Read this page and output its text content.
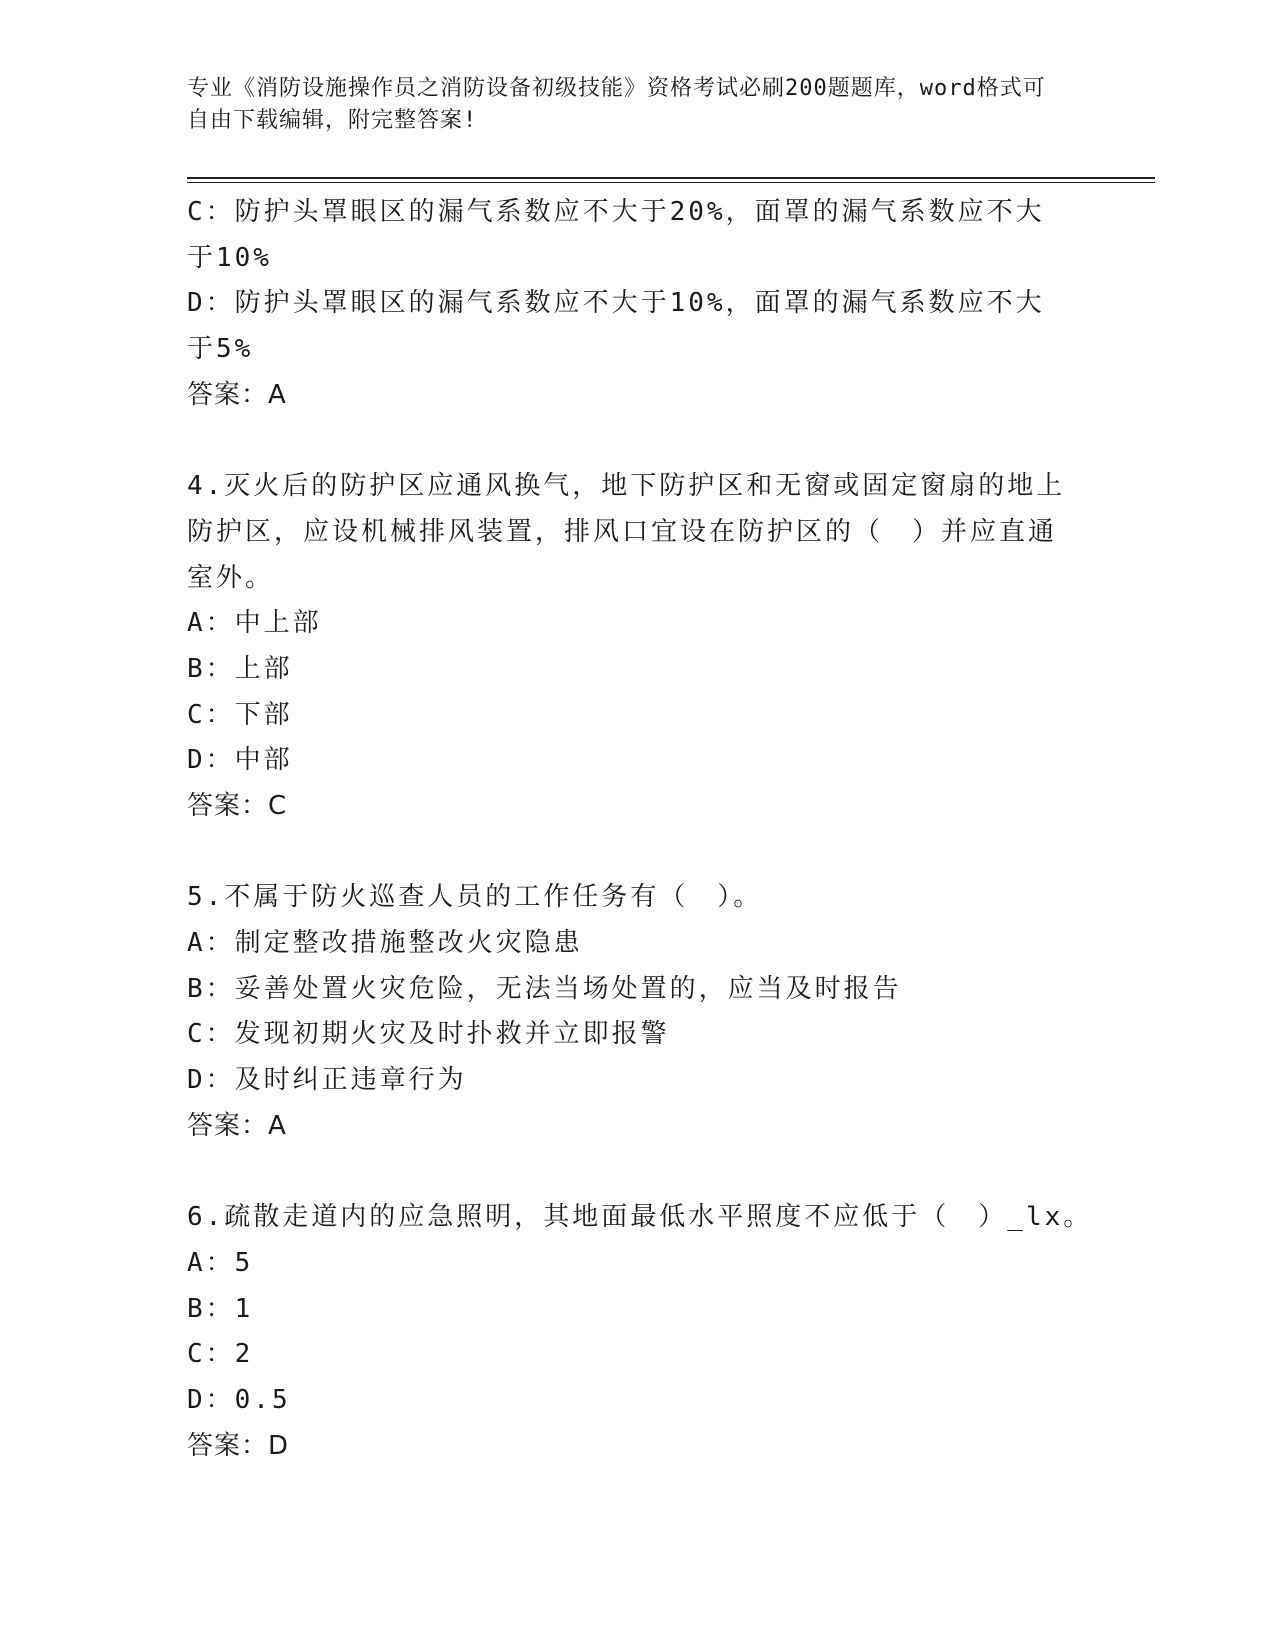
专业《消防设施操作员之消防设备初级技能》资格考试必刷200题题库，word格式可自由下载编辑，附完整答案!
C：防护头罩眼区的漏气系数应不大于20%，面罩的漏气系数应不大于10%
D：防护头罩眼区的漏气系数应不大于10%，面罩的漏气系数应不大于5%
答案：A
4.灭火后的防护区应通风换气，地下防护区和无窗或固定窗扇的地上防护区，应设机械排风装置，排风口宜设在防护区的（　）并应直通室外。
A：中上部
B：上部
C：下部
D：中部
答案：C
5.不属于防火巡查人员的工作任务有（　）。
A：制定整改措施整改火灾隐患
B：妥善处置火灾危险，无法当场处置的，应当及时报告
C：发现初期火灾及时扑救并立即报警
D：及时纠正违章行为
答案：A
6.疏散走道内的应急照明，其地面最低水平照度不应低于（　）_lx。
A：5
B：1
C：2
D：0.5
答案：D
